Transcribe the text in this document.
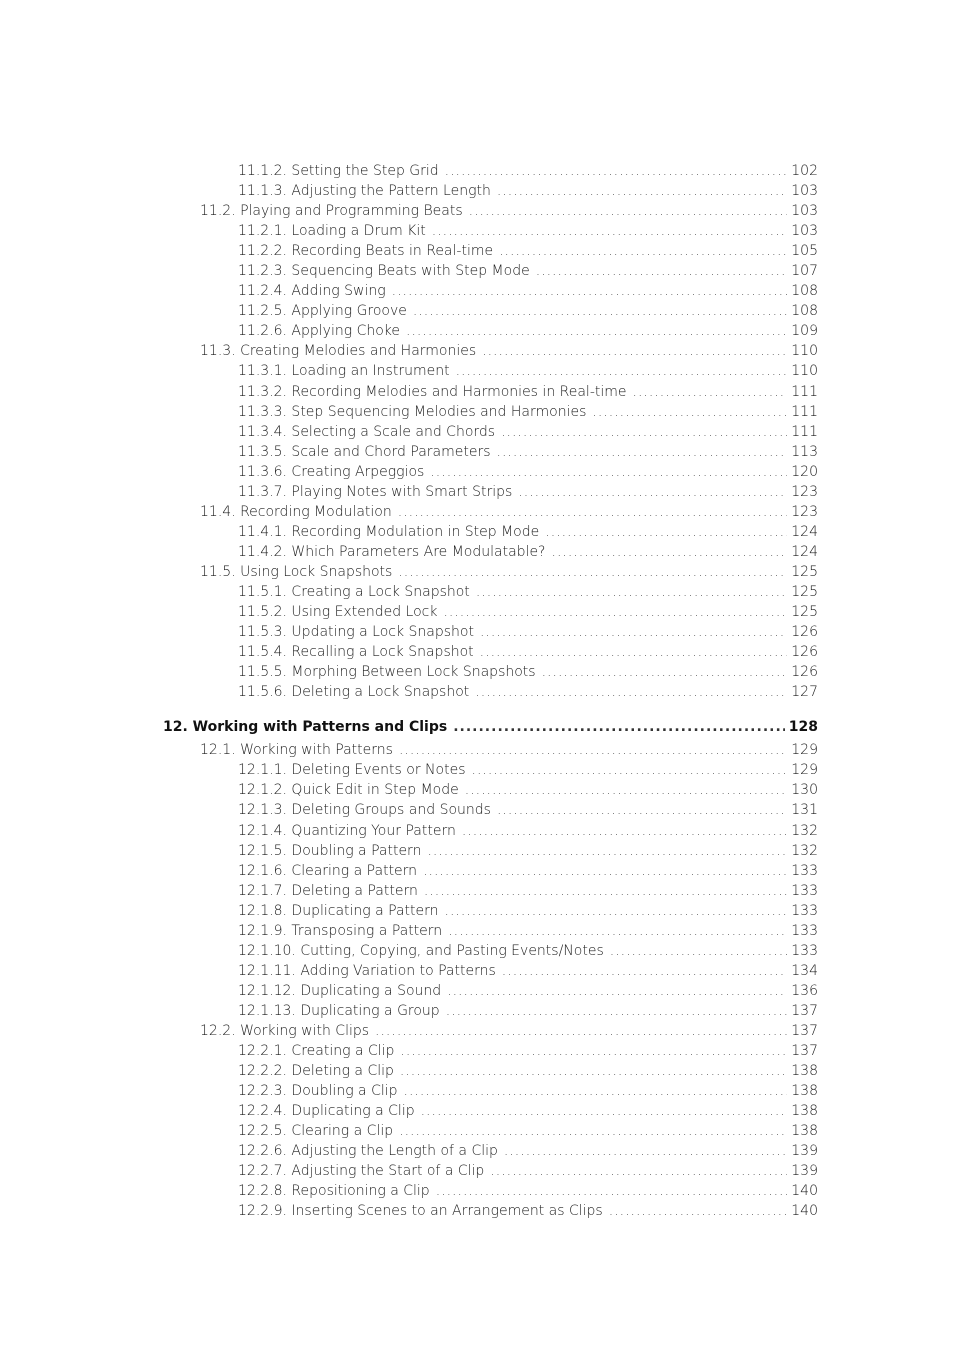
11.1.2. Setting the Step Grid .....	102
11.1.3. Adjusting the Pattern Length .....	103
11.2. Playing and Programming Beats .....	103
11.2.1. Loading a Drum Kit .....	103
11.2.2. Recording Beats in Real-time .....	105
11.2.3. Sequencing Beats with Step Mode .....	107
11.2.4. Adding Swing .....	108
11.2.5. Applying Groove .....	108
11.2.6. Applying Choke .....	109
11.3. Creating Melodies and Harmonies .....	110
11.3.1. Loading an Instrument .....	110
11.3.2. Recording Melodies and Harmonies in Real-time .....	111
11.3.3. Step Sequencing Melodies and Harmonies .....	111
11.3.4. Selecting a Scale and Chords .....	111
11.3.5. Scale and Chord Parameters .....	113
11.3.6. Creating Arpeggios .....	120
11.3.7. Playing Notes with Smart Strips .....	123
11.4. Recording Modulation .....	123
11.4.1. Recording Modulation in Step Mode .....	124
11.4.2. Which Parameters Are Modulatable? .....	124
11.5. Using Lock Snapshots .....	125
11.5.1. Creating a Lock Snapshot .....	125
11.5.2. Using Extended Lock .....	125
11.5.3. Updating a Lock Snapshot .....	126
11.5.4. Recalling a Lock Snapshot .....	126
11.5.5. Morphing Between Lock Snapshots .....	126
11.5.6. Deleting a Lock Snapshot .....	127
12. Working with Patterns and Clips .....	128
12.1. Working with Patterns .....	129
12.1.1. Deleting Events or Notes .....	129
12.1.2. Quick Edit in Step Mode .....	130
12.1.3. Deleting Groups and Sounds .....	131
12.1.4. Quantizing Your Pattern .....	132
12.1.5. Doubling a Pattern .....	132
12.1.6. Clearing a Pattern .....	133
12.1.7. Deleting a Pattern .....	133
12.1.8. Duplicating a Pattern .....	133
12.1.9. Transposing a Pattern .....	133
12.1.10. Cutting, Copying, and Pasting Events/Notes .....	133
12.1.11. Adding Variation to Patterns .....	134
12.1.12. Duplicating a Sound .....	136
12.1.13. Duplicating a Group .....	137
12.2. Working with Clips .....	137
12.2.1. Creating a Clip .....	137
12.2.2. Deleting a Clip .....	138
12.2.3. Doubling a Clip .....	138
12.2.4. Duplicating a Clip .....	138
12.2.5. Clearing a Clip .....	138
12.2.6. Adjusting the Length of a Clip .....	139
12.2.7. Adjusting the Start of a Clip .....	139
12.2.8. Repositioning a Clip .....	140
12.2.9. Inserting Scenes to an Arrangement as Clips .....	140
